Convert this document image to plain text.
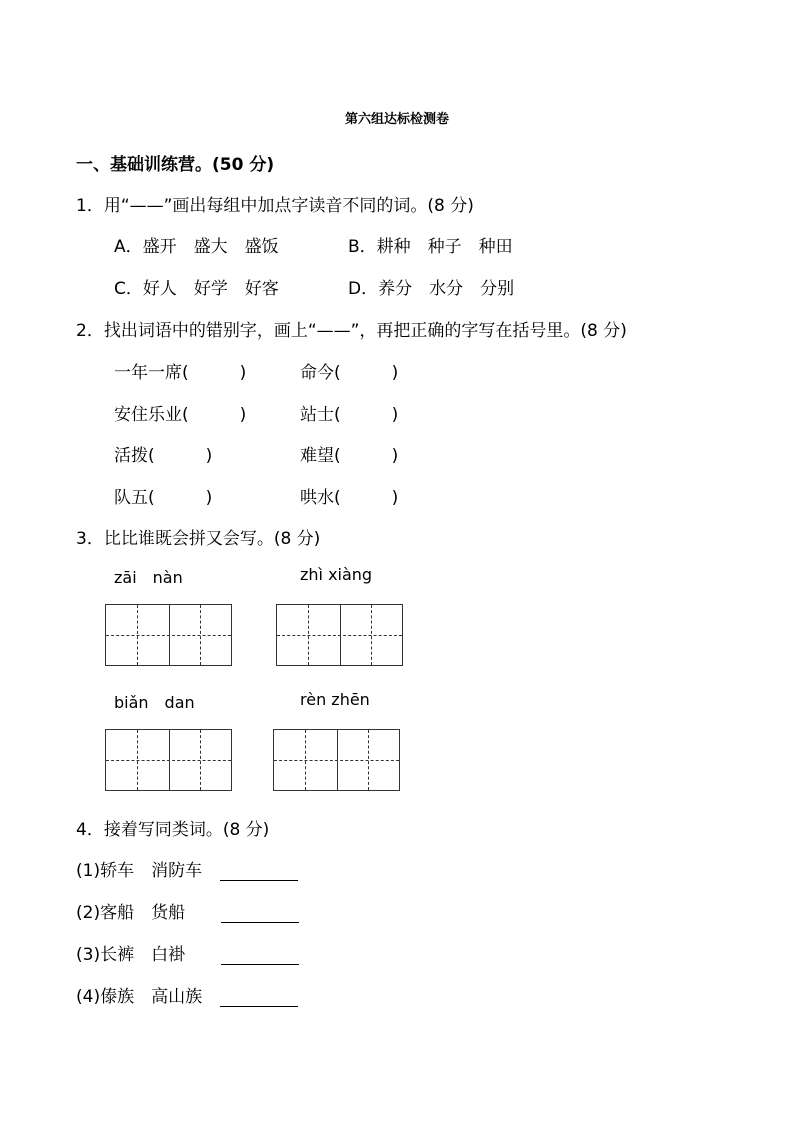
第六组达标检测卷
一、基础训练营。(50 分)
1．用“——”画出每组中加点字读音不同的词。(8 分)
A．盛开　盛大　盛饭	B．耕种　种子　种田
C．好人　好学　好客	D．养分　水分　分别
2．找出词语中的错别字，画上“——”，再把正确的字写在括号里。(8 分)
一年一席(　　　)	命今(　　　)
安住乐业(　　　)	站士(　　　)
活拨(　　　)	难望(　　　)
队五(　　　)	哄水(　　　)
3．比比谁既会拼又会写。(8 分)
zāi　nàn	zhì xiàng
biǎn　dan	rèn zhēn
4．接着写同类词。(8 分)
(1)轿车　消防车
(2)客船　货船
(3)长裤　白褂
(4)傣族　高山族
